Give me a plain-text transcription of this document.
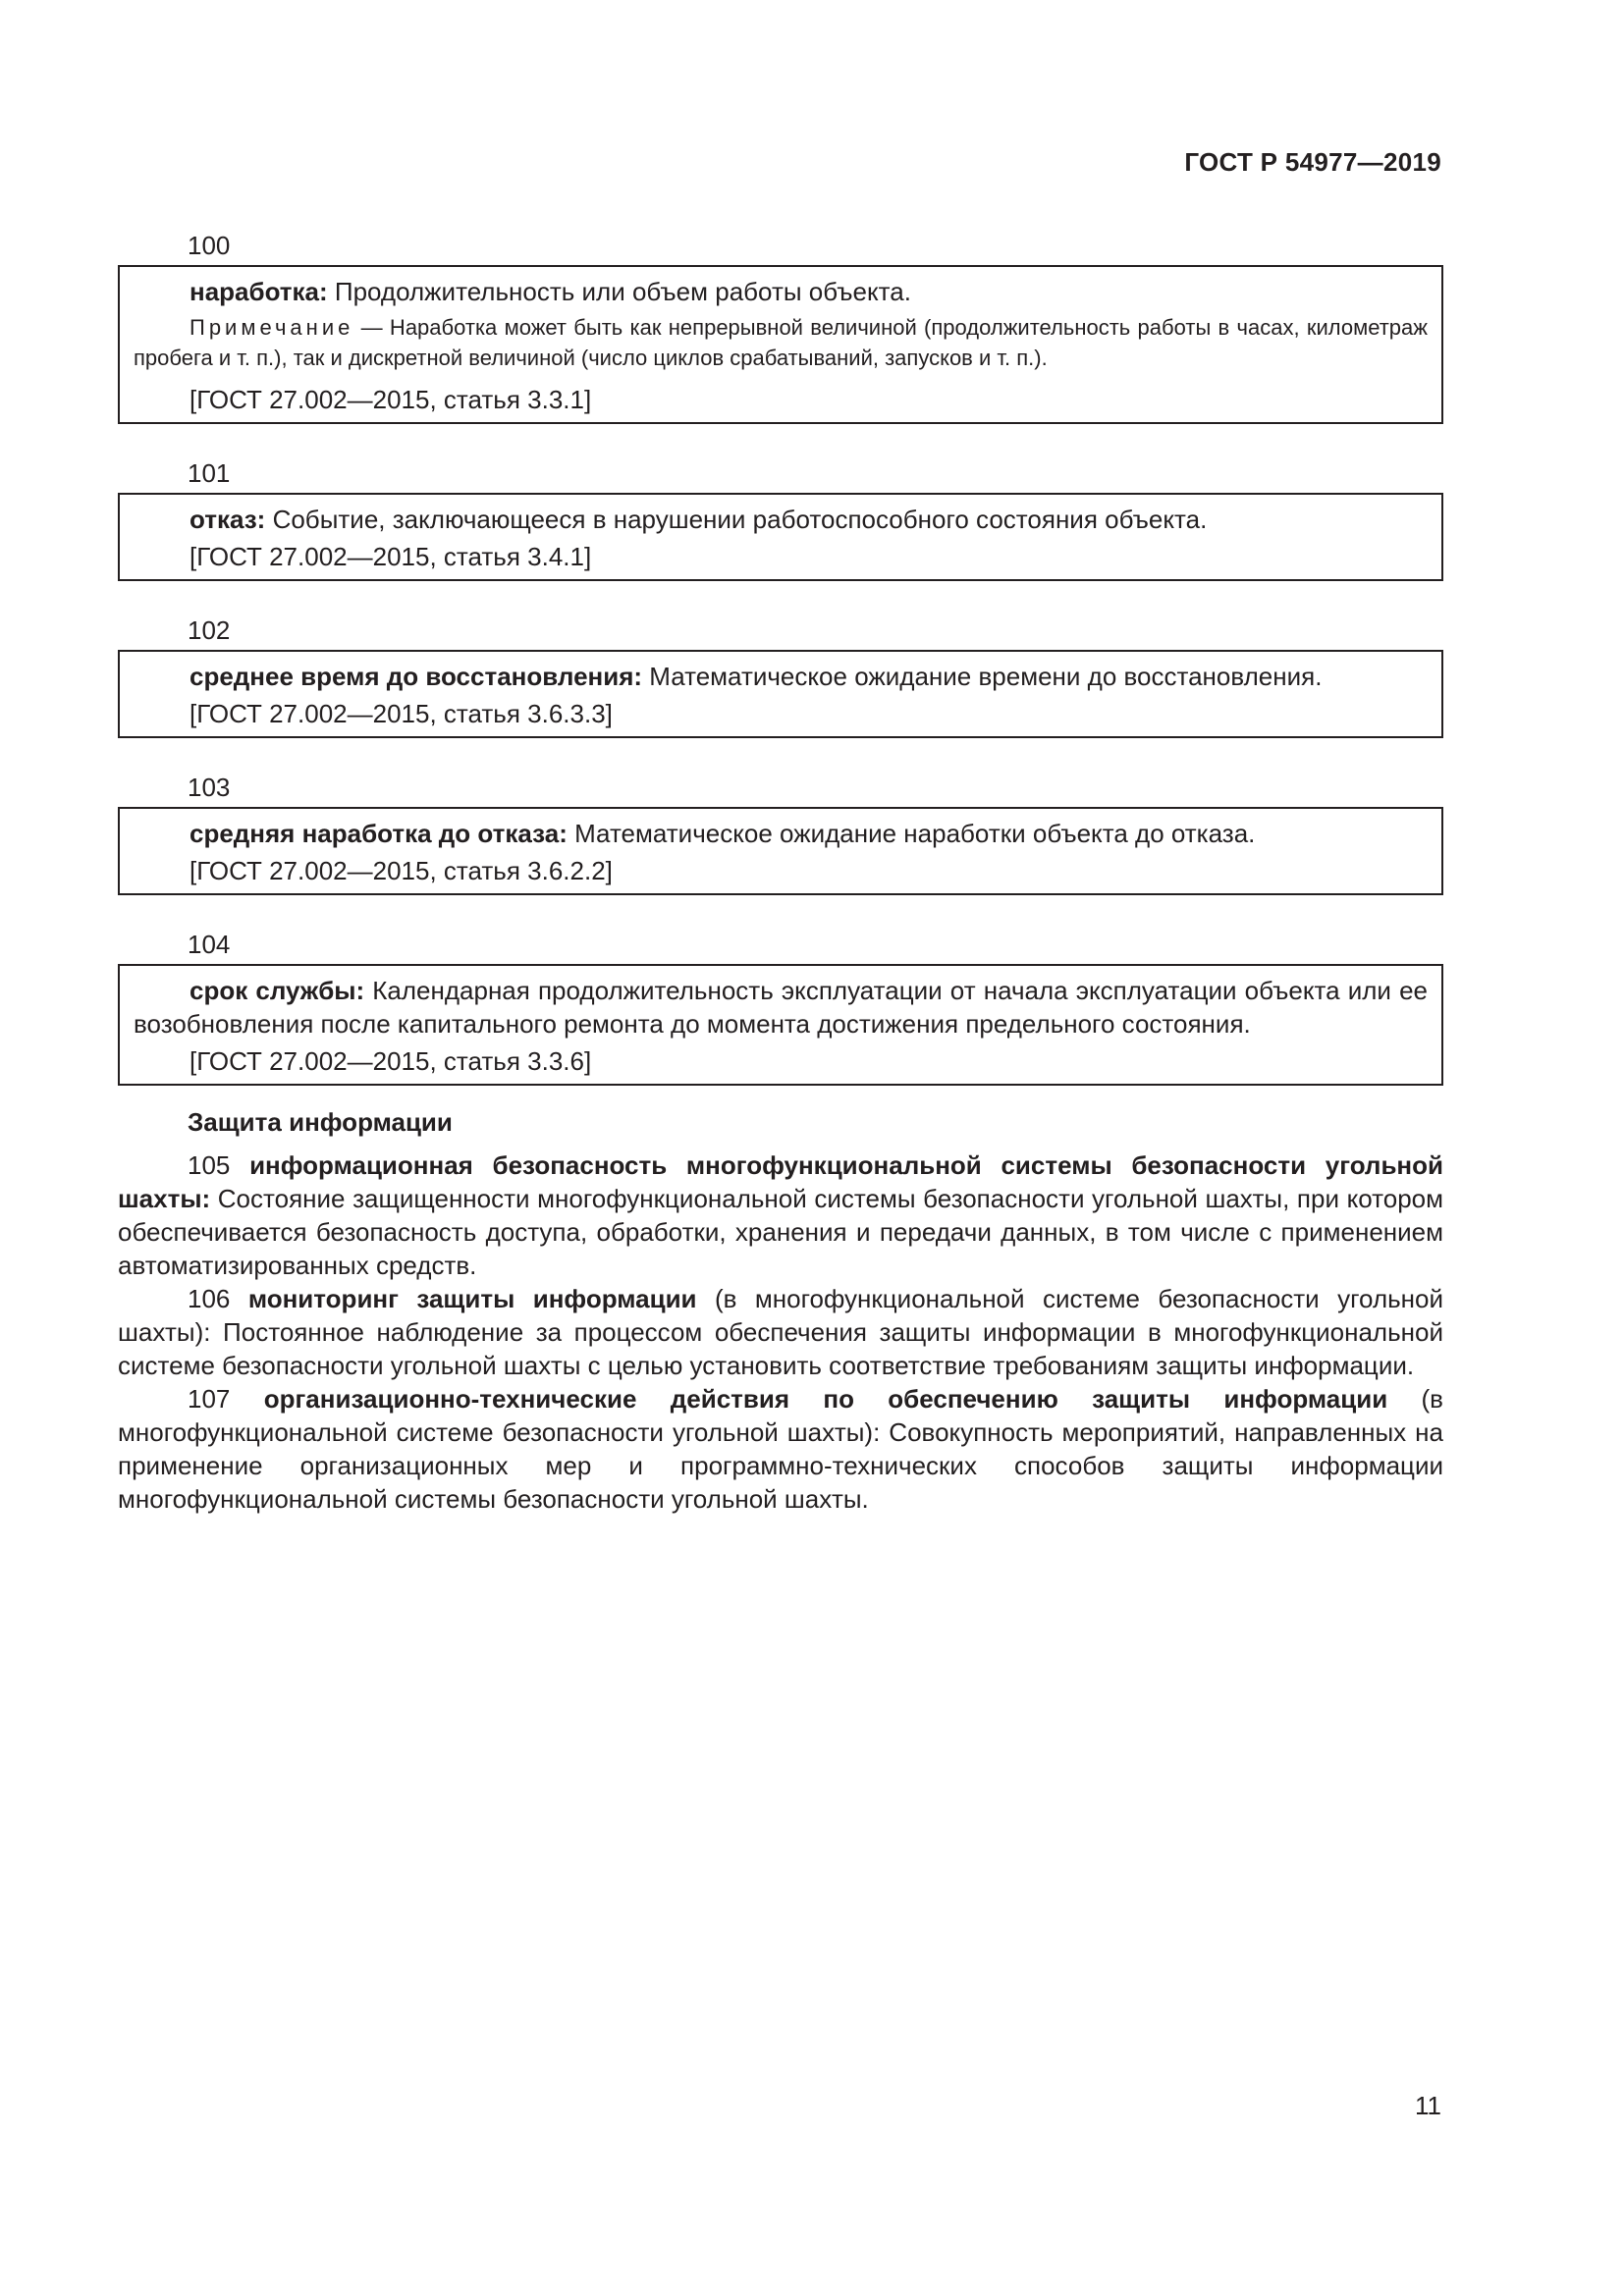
ГОСТ Р 54977—2019
100
наработка: Продолжительность или объем работы объекта.
Примечание — Наработка может быть как непрерывной величиной (продолжительность работы в часах, километраж пробега и т. п.), так и дискретной величиной (число циклов срабатываний, запусков и т. п.).
[ГОСТ 27.002—2015, статья 3.3.1]
101
отказ: Событие, заключающееся в нарушении работоспособного состояния объекта.
[ГОСТ 27.002—2015, статья 3.4.1]
102
среднее время до восстановления: Математическое ожидание времени до восстановления.
[ГОСТ 27.002—2015, статья 3.6.3.3]
103
средняя наработка до отказа: Математическое ожидание наработки объекта до отказа.
[ГОСТ 27.002—2015, статья 3.6.2.2]
104
срок службы: Календарная продолжительность эксплуатации от начала эксплуатации объекта или ее возобновления после капитального ремонта до момента достижения предельного состояния.
[ГОСТ 27.002—2015, статья 3.3.6]
Защита информации
105 информационная безопасность многофункциональной системы безопасности угольной шахты: Состояние защищенности многофункциональной системы безопасности угольной шахты, при котором обеспечивается безопасность доступа, обработки, хранения и передачи данных, в том числе с применением автоматизированных средств.
106 мониторинг защиты информации (в многофункциональной системе безопасности угольной шахты): Постоянное наблюдение за процессом обеспечения защиты информации в многофункциональной системе безопасности угольной шахты с целью установить соответствие требованиям защиты информации.
107 организационно-технические действия по обеспечению защиты информации (в многофункциональной системе безопасности угольной шахты): Совокупность мероприятий, направленных на применение организационных мер и программно-технических способов защиты информации многофункциональной системы безопасности угольной шахты.
11
